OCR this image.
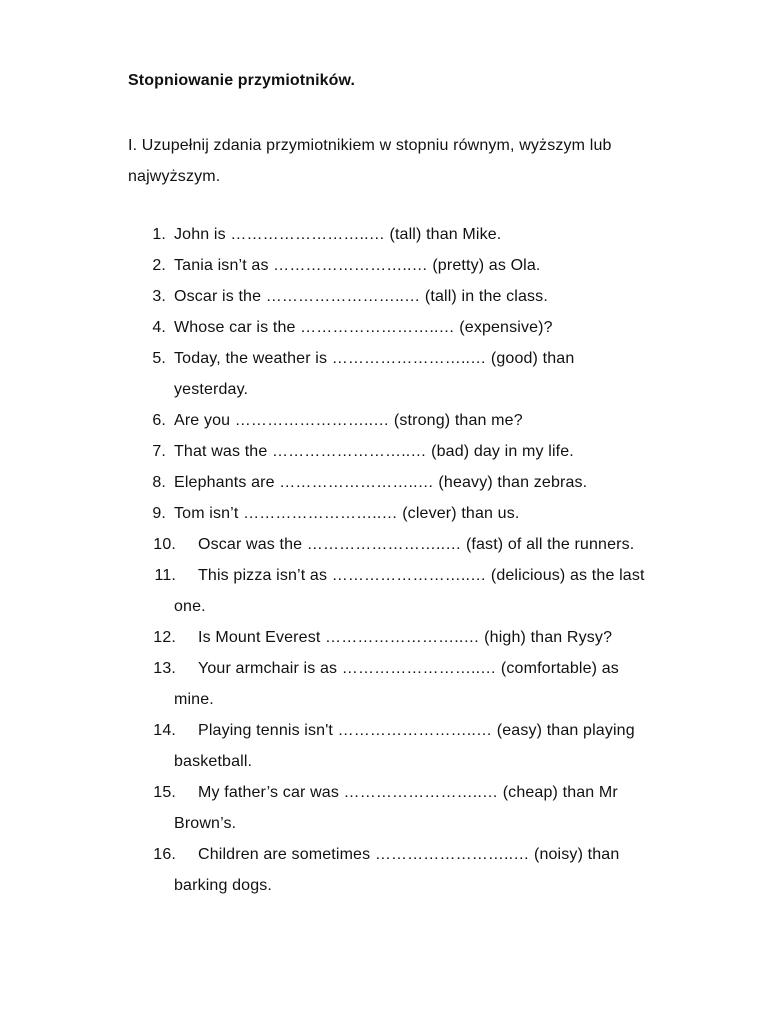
Stopniowanie przymiotników.
I. Uzupełnij zdania przymiotnikiem w stopniu równym, wyższym lub najwyższym.
1. John is ……………………..… (tall) than Mike.
2. Tania isn’t as ……………………..… (pretty) as Ola.
3. Oscar is the ……………………..… (tall) in the class.
4. Whose car is the ……………………..… (expensive)?
5. Today, the weather is ……………………..… (good) than
yesterday.
6. Are you ……………………..… (strong) than me?
7. That was the ……………………..… (bad) day in my life.
8. Elephants are ……………………..… (heavy) than zebras.
9. Tom isn’t ……………………..… (clever) than us.
10.	Oscar was the ……………………..… (fast) of all the runners.
11.	This pizza isn’t as ……………………..… (delicious) as the last
one.
12.	Is Mount Everest ……………………..… (high) than Rysy?
13.	Your armchair is as ……………………..… (comfortable) as
mine.
14.	Playing tennis isn't ……………………..… (easy) than playing
basketball.
15.	My father’s car was ……………………..… (cheap) than Mr
Brown’s.
16.	Children are sometimes ……………………..… (noisy) than
barking dogs.
